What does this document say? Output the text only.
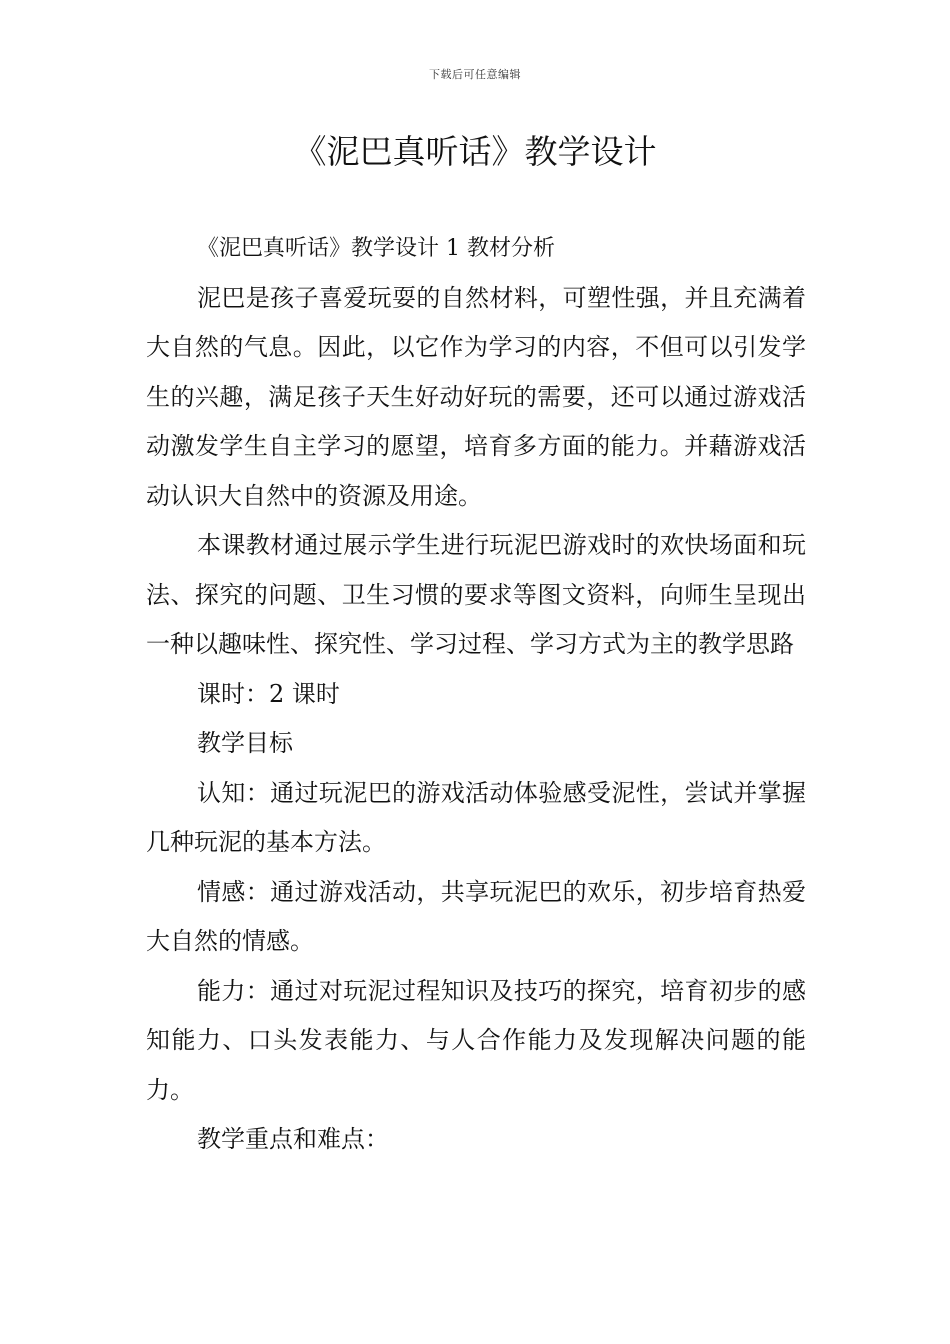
下载后可任意编辑
《泥巴真听话》教学设计

《泥巴真听话》教学设计 1 教材分析

泥巴是孩子喜爱玩耍的自然材料，可塑性强，并且充满着大自然的气息。因此，以它作为学习的内容，不但可以引发学生的兴趣，满足孩子天生好动好玩的需要，还可以通过游戏活动激发学生自主学习的愿望，培育多方面的能力。并藉游戏活动认识大自然中的资源及用途。

本课教材通过展示学生进行玩泥巴游戏时的欢快场面和玩法、探究的问题、卫生习惯的要求等图文资料，向师生呈现出一种以趣味性、探究性、学习过程、学习方式为主的教学思路

课时：2 课时

教学目标

认知：通过玩泥巴的游戏活动体验感受泥性，尝试并掌握几种玩泥的基本方法。

情感：通过游戏活动，共享玩泥巴的欢乐，初步培育热爱大自然的情感。

能力：通过对玩泥过程知识及技巧的探究，培育初步的感知能力、口头发表能力、与人合作能力及发现解决问题的能力。

教学重点和难点：
